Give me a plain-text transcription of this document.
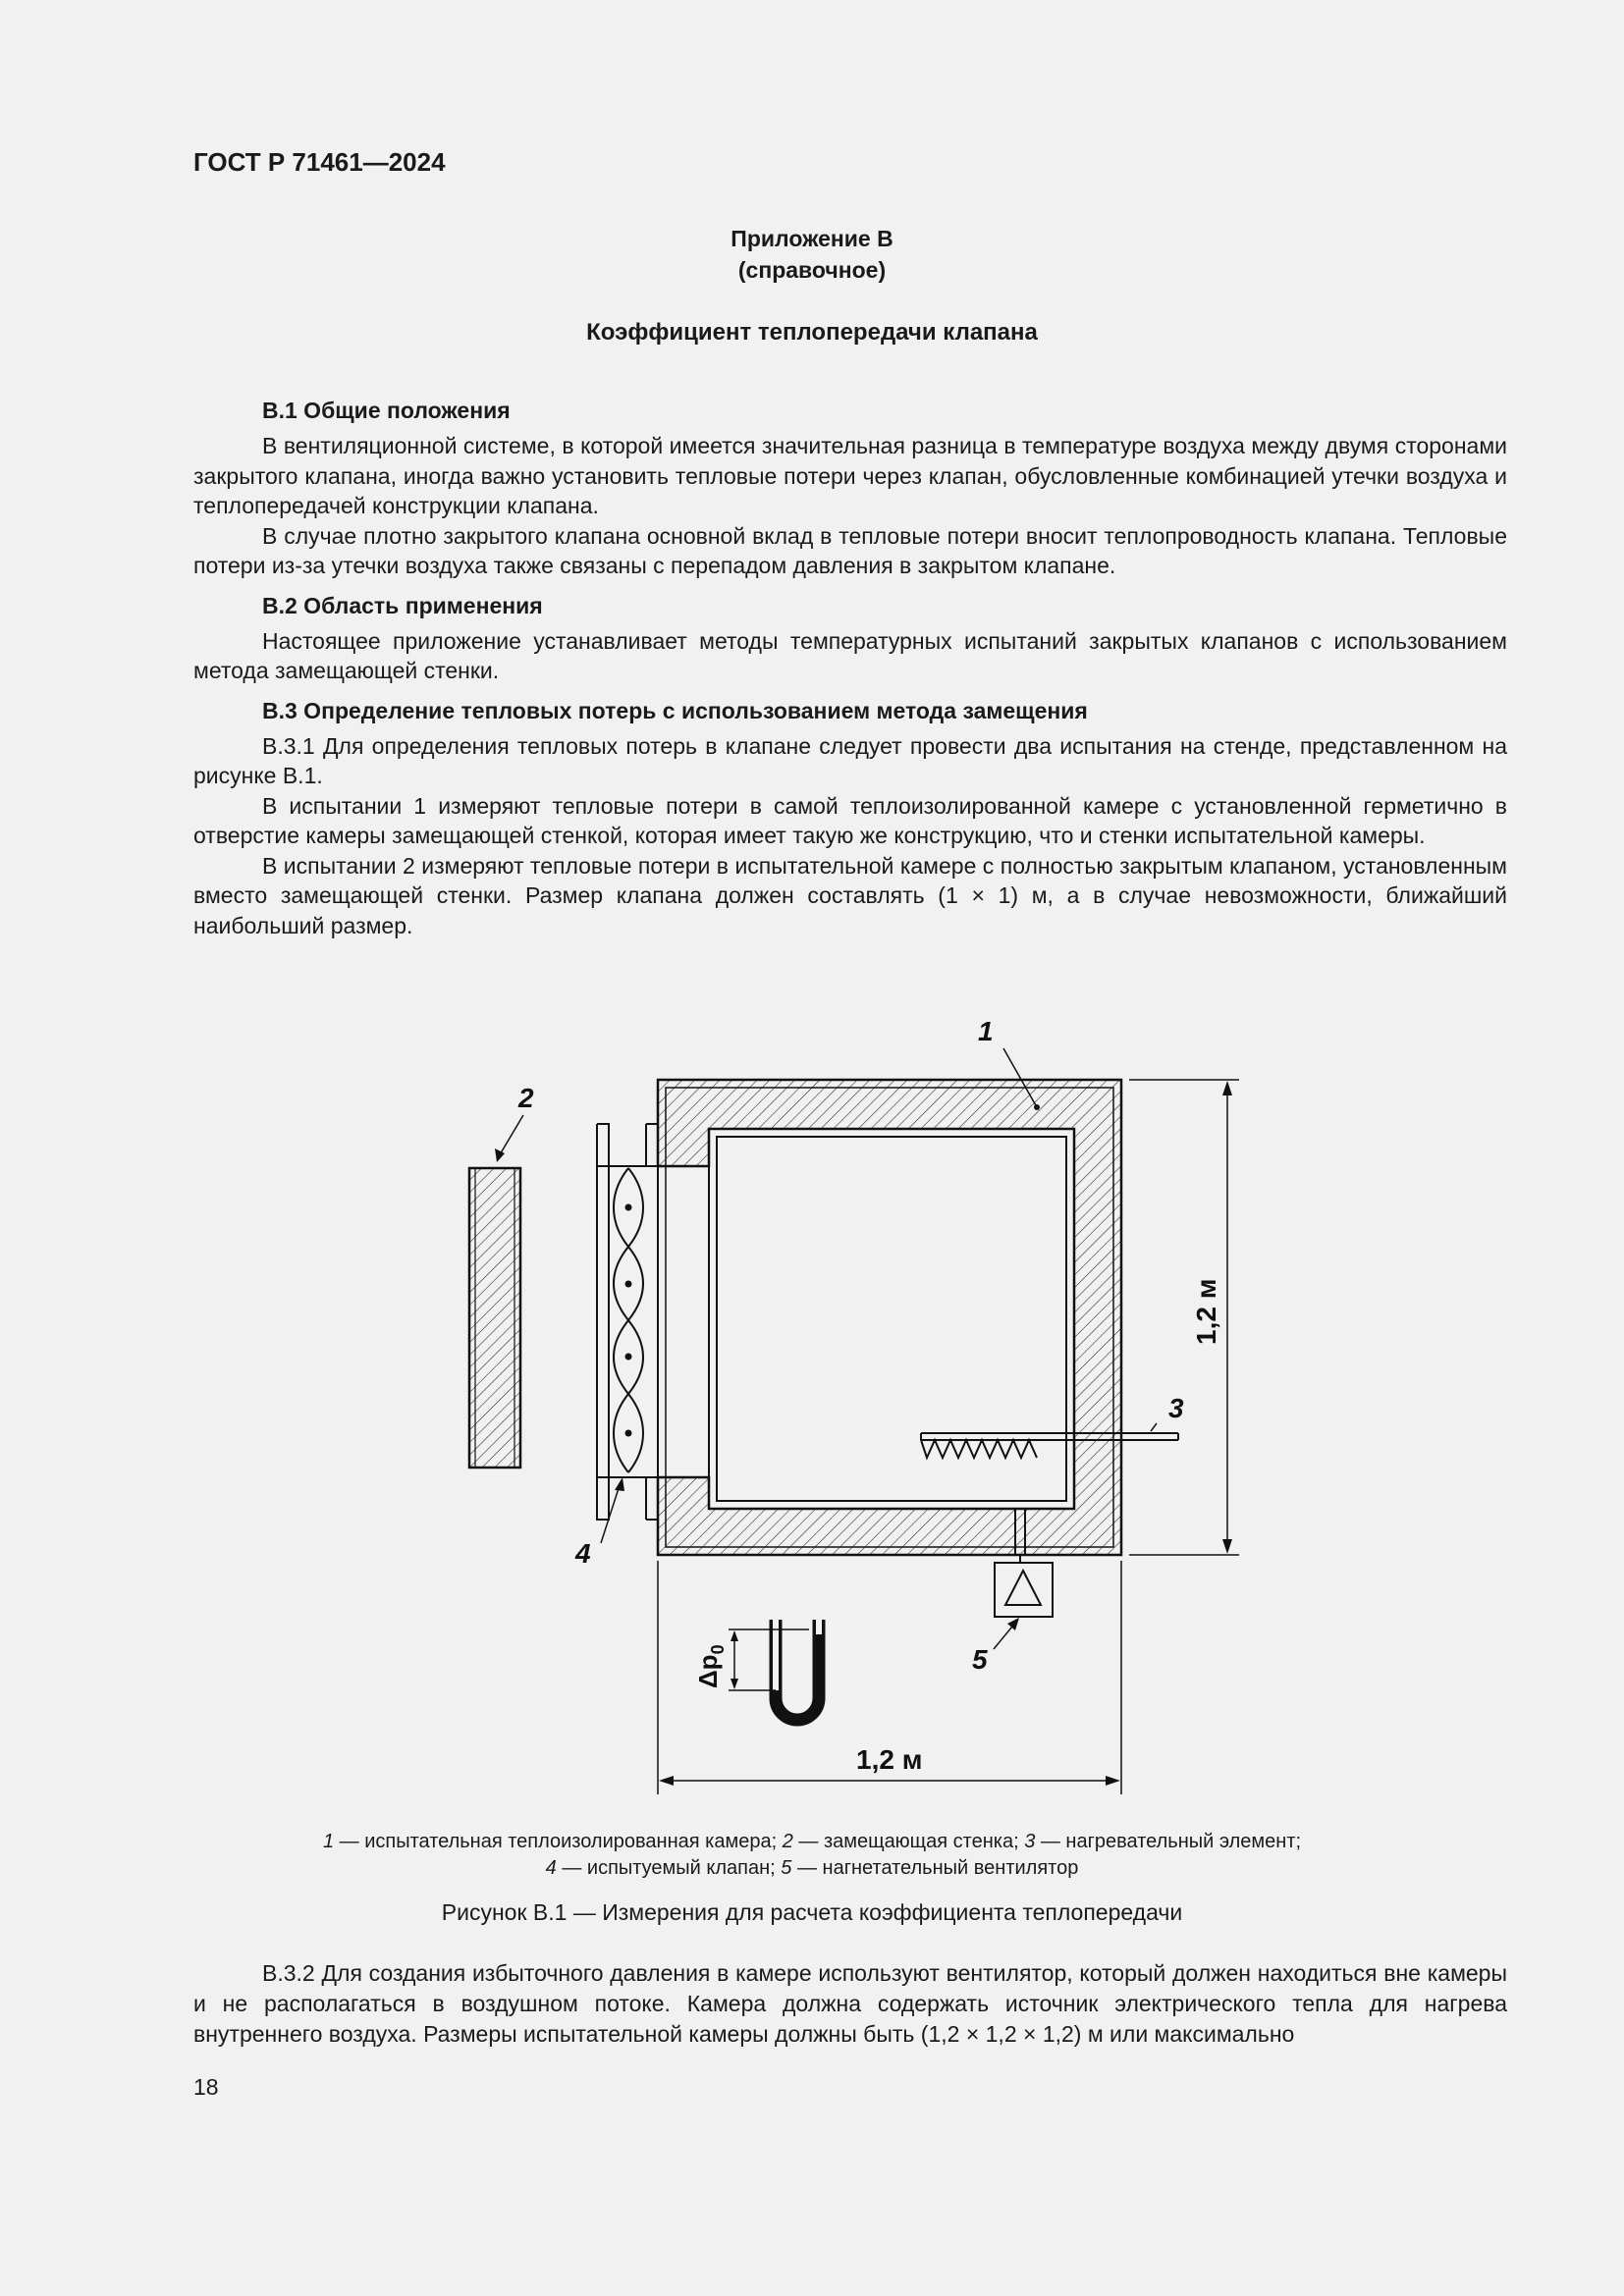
ГОСТ Р 71461—2024
Приложение В
(справочное)
Коэффициент теплопередачи клапана
В.1 Общие положения

В вентиляционной системе, в которой имеется значительная разница в температуре воздуха между двумя сторонами закрытого клапана, иногда важно установить тепловые потери через клапан, обусловленные комбинацией утечки воздуха и теплопередачей конструкции клапана.

В случае плотно закрытого клапана основной вклад в тепловые потери вносит теплопроводность клапана. Тепловые потери из-за утечки воздуха также связаны с перепадом давления в закрытом клапане.

В.2 Область применения

Настоящее приложение устанавливает методы температурных испытаний закрытых клапанов с использованием метода замещающей стенки.

В.3 Определение тепловых потерь с использованием метода замещения

В.3.1 Для определения тепловых потерь в клапане следует провести два испытания на стенде, представленном на рисунке В.1.

В испытании 1 измеряют тепловые потери в самой теплоизолированной камере с установленной герметично в отверстие камеры замещающей стенкой, которая имеет такую же конструкцию, что и стенки испытательной камеры.

В испытании 2 измеряют тепловые потери в испытательной камере с полностью закрытым клапаном, установленным вместо замещающей стенки. Размер клапана должен составлять (1 × 1) м, а в случае невозможности, ближайший наибольший размер.

$\Delta p_0$
1,2 м
1,2 м
1
2
3
4
5
1 — испытательная теплоизолированная камера; 2 — замещающая стенка; 3 — нагревательный элемент;
4 — испытуемый клапан; 5 — нагнетательный вентилятор
Рисунок В.1 — Измерения для расчета коэффициента теплопередачи

В.3.2 Для создания избыточного давления в камере используют вентилятор, который должен находиться вне камеры и не располагаться в воздушном потоке. Камера должна содержать источник электрического тепла для нагрева внутреннего воздуха. Размеры испытательной камеры должны быть (1,2 × 1,2 × 1,2) м или максимально

18
